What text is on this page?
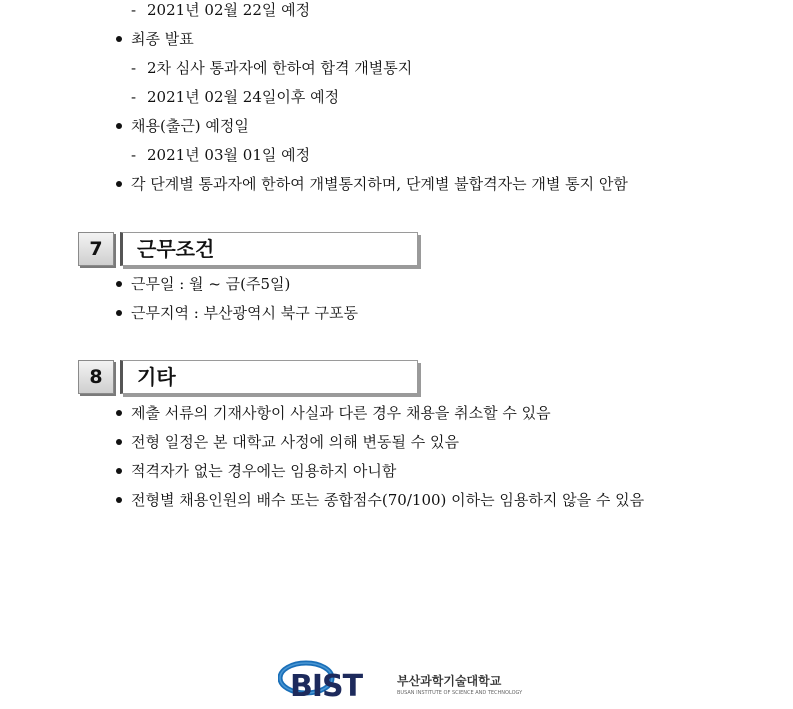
- 2021년 02월 22일 예정
최종 발표
- 2차 심사 통과자에 한하여 합격 개별통지
- 2021년 02월 24일이후 예정
채용(출근) 예정일
- 2021년 03월 01일 예정
각 단계별 통과자에 한하여 개별통지하며, 단계별 불합격자는 개별 통지 안함
7	근무조건
근무일 : 월 ~ 금(주5일)
근무지역 : 부산광역시 북구 구포동
8	기타
제출 서류의 기재사항이 사실과 다른 경우 채용을 취소할 수 있음
전형 일정은 본 대학교 사정에 의해 변동될 수 있음
적격자가 없는 경우에는 임용하지 아니함
전형별 채용인원의 배수 또는 종합점수(70/100) 이하는 임용하지 않을 수 있음
BIST	부산과학기술대학교
BUSAN INSTITUTE OF SCIENCE AND TECHNOLOGY
